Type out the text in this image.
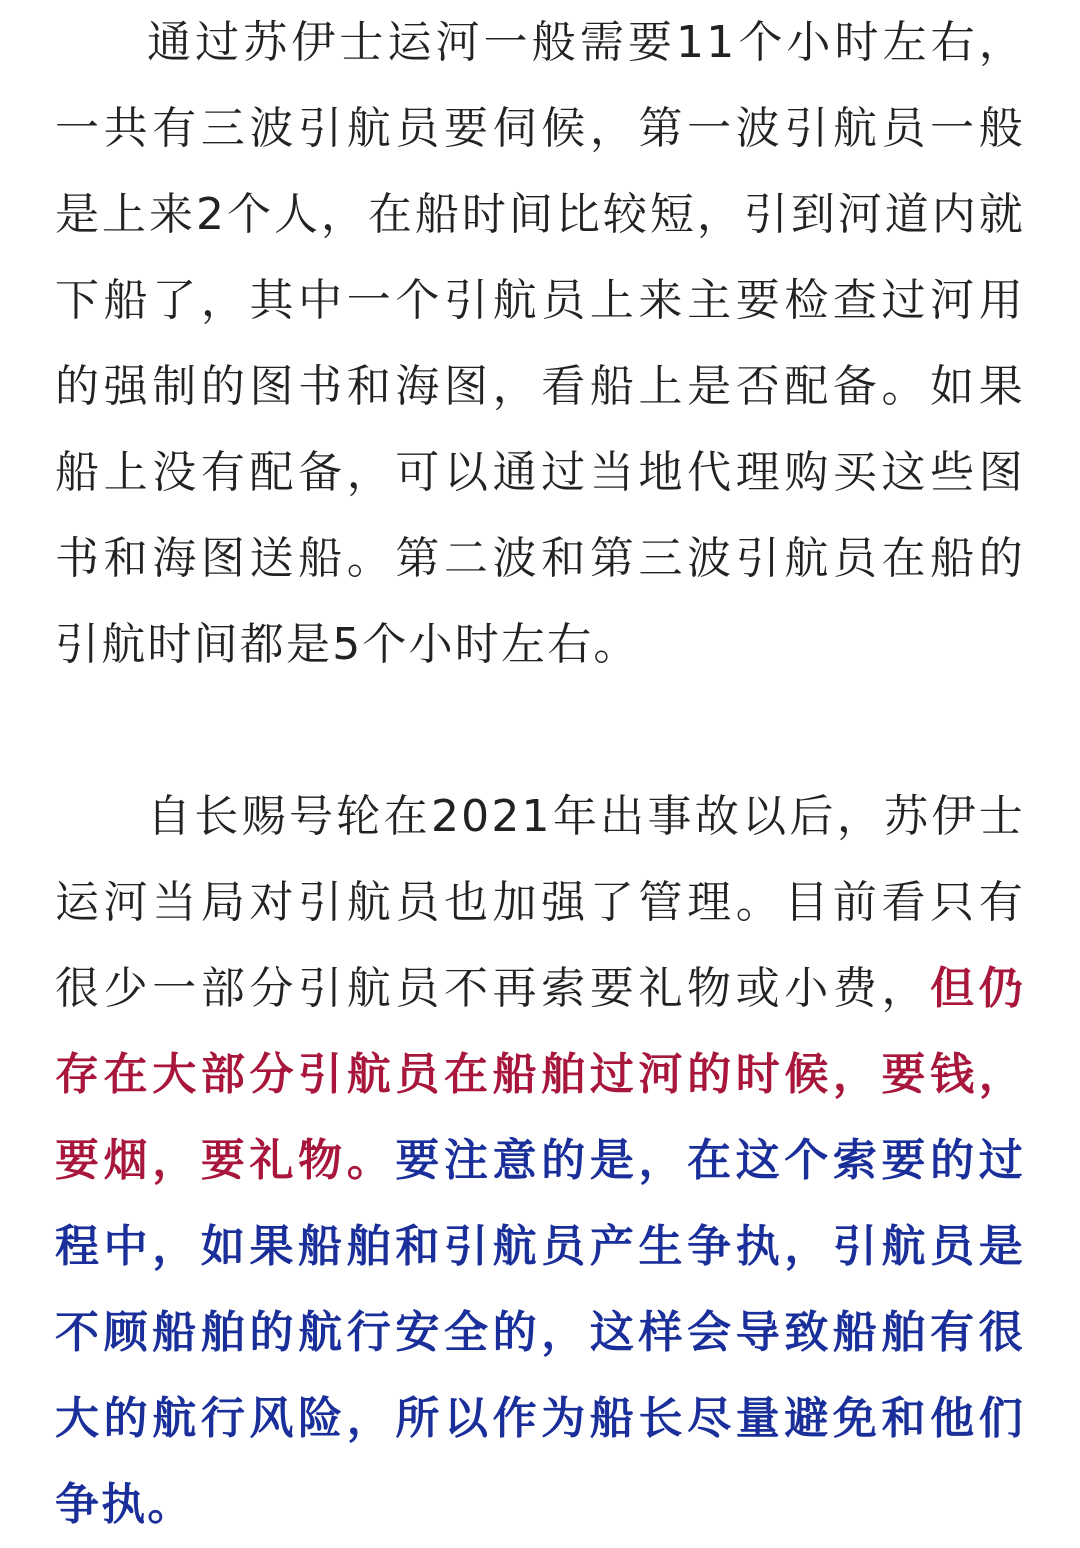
通过苏伊士运河一般需要11个小时左右，一共有三波引航员要伺候，第一波引航员一般是上来2个人，在船时间比较短，引到河道内就下船了，其中一个引航员上来主要检查过河用的强制的图书和海图，看船上是否配备。如果船上没有配备，可以通过当地代理购买这些图书和海图送船。第二波和第三波引航员在船的引航时间都是5个小时左右。

自长赐号轮在2021年出事故以后，苏伊士运河当局对引航员也加强了管理。目前看只有很少一部分引航员不再索要礼物或小费，但仍存在大部分引航员在船舶过河的时候，要钱，要烟，要礼物。要注意的是，在这个索要的过程中，如果船舶和引航员产生争执，引航员是不顾船舶的航行安全的，这样会导致船舶有很大的航行风险，所以作为船长尽量避免和他们争执。
